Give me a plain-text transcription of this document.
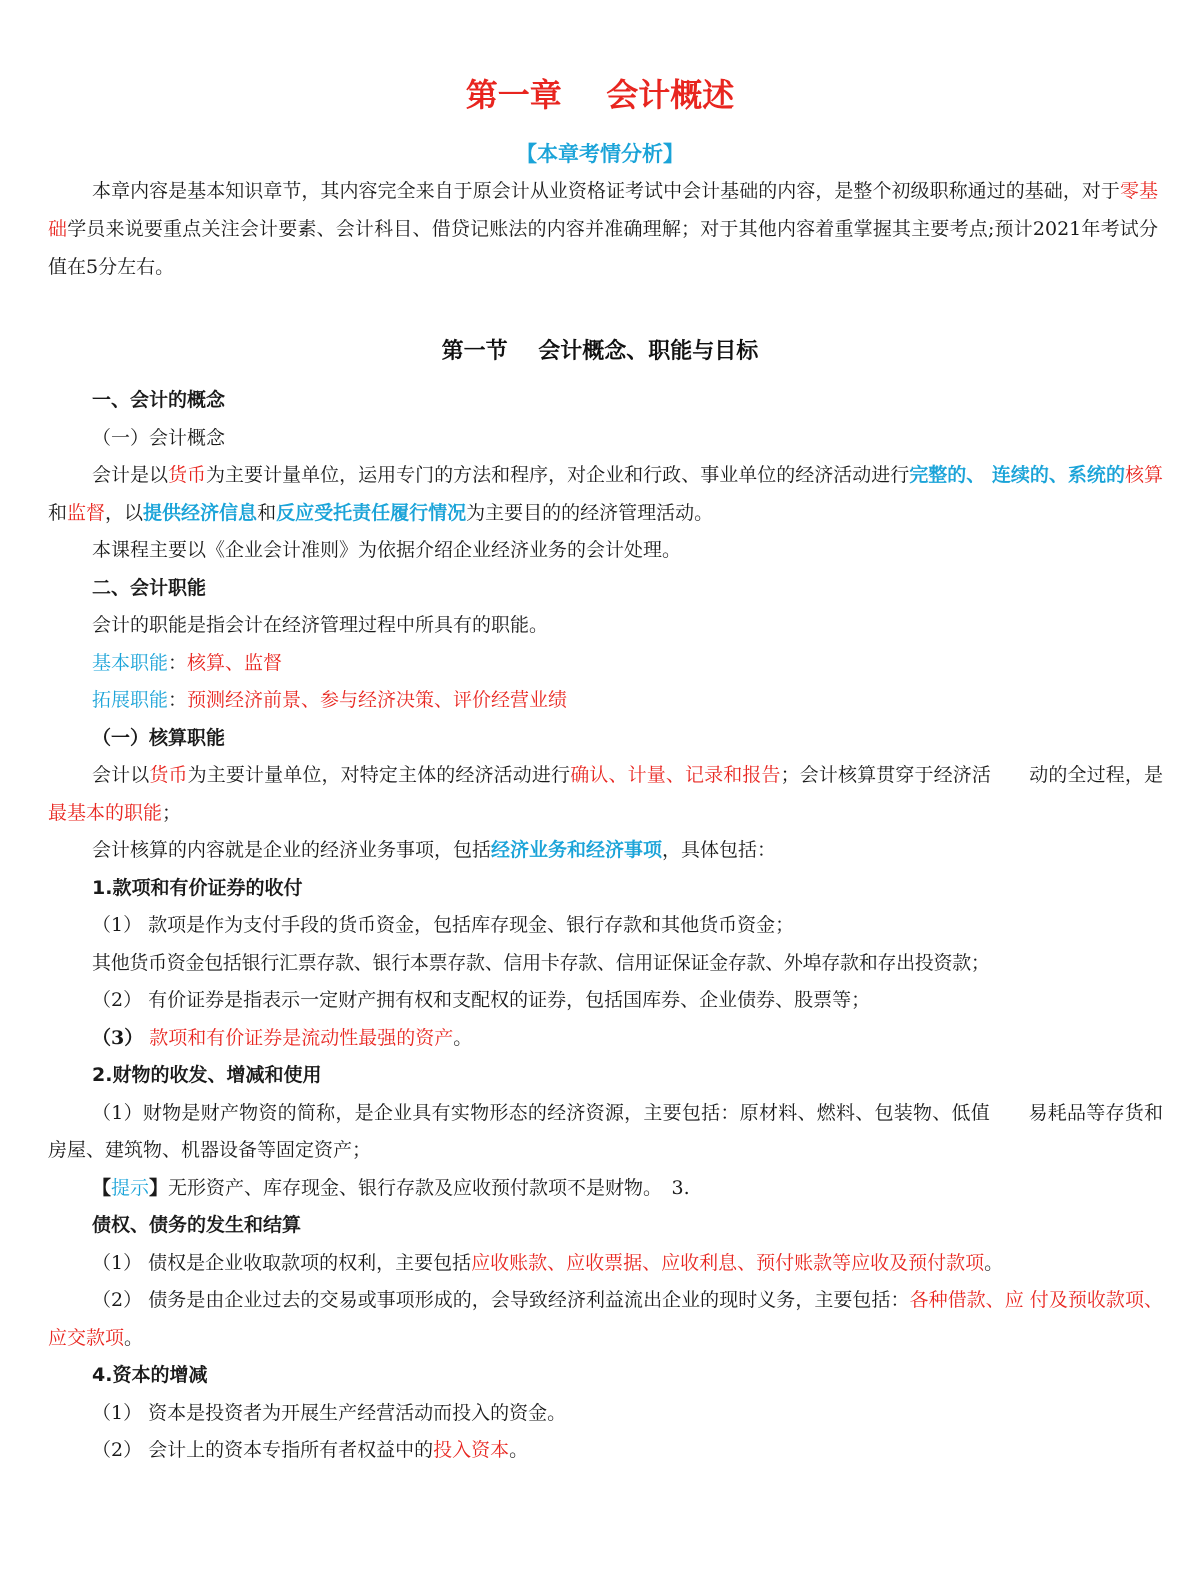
第一章    会计概述
【本章考情分析】

本章内容是基本知识章节，其内容完全来自于原会计从业资格证考试中会计基础的内容，是整个初级职称通过的基础，对于零基础学员来说要重点关注会计要素、会计科目、借贷记账法的内容并准确理解；对于其他内容着重掌握其主要考点;预计2021年考试分值在5分左右。

第一节    会计概念、职能与目标

一、会计的概念

（一）会计概念

会计是以货币为主要计量单位，运用专门的方法和程序，对企业和行政、事业单位的经济活动进行完整的、 连续的、系统的核算和监督，以提供经济信息和反应受托责任履行情况为主要目的的经济管理活动。

本课程主要以《企业会计准则》为依据介绍企业经济业务的会计处理。

二、会计职能

会计的职能是指会计在经济管理过程中所具有的职能。

基本职能：核算、监督

拓展职能：预测经济前景、参与经济决策、评价经营业绩

（一）核算职能

会计以货币为主要计量单位，对特定主体的经济活动进行确认、计量、记录和报告；会计核算贯穿于经济活　　动的全过程，是最基本的职能；

会计核算的内容就是企业的经济业务事项，包括经济业务和经济事项，具体包括：

1.款项和有价证券的收付

（1） 款项是作为支付手段的货币资金，包括库存现金、银行存款和其他货币资金；

其他货币资金包括银行汇票存款、银行本票存款、信用卡存款、信用证保证金存款、外埠存款和存出投资款；

（2） 有价证券是指表示一定财产拥有权和支配权的证券，包括国库券、企业债券、股票等；

（3） 款项和有价证券是流动性最强的资产。

2.财物的收发、增减和使用

（1）财物是财产物资的简称，是企业具有实物形态的经济资源，主要包括：原材料、燃料、包装物、低值　　易耗品等存货和房屋、建筑物、机器设备等固定资产；

【提示】无形资产、库存现金、银行存款及应收预付款项不是财物。　3.

债权、债务的发生和结算

（1） 债权是企业收取款项的权利，主要包括应收账款、应收票据、应收利息、预付账款等应收及预付款项。

（2） 债务是由企业过去的交易或事项形成的，会导致经济利益流出企业的现时义务，主要包括：各种借款、应 付及预收款项、应交款项。

4.资本的增减

（1） 资本是投资者为开展生产经营活动而投入的资金。

（2） 会计上的资本专指所有者权益中的投入资本。
